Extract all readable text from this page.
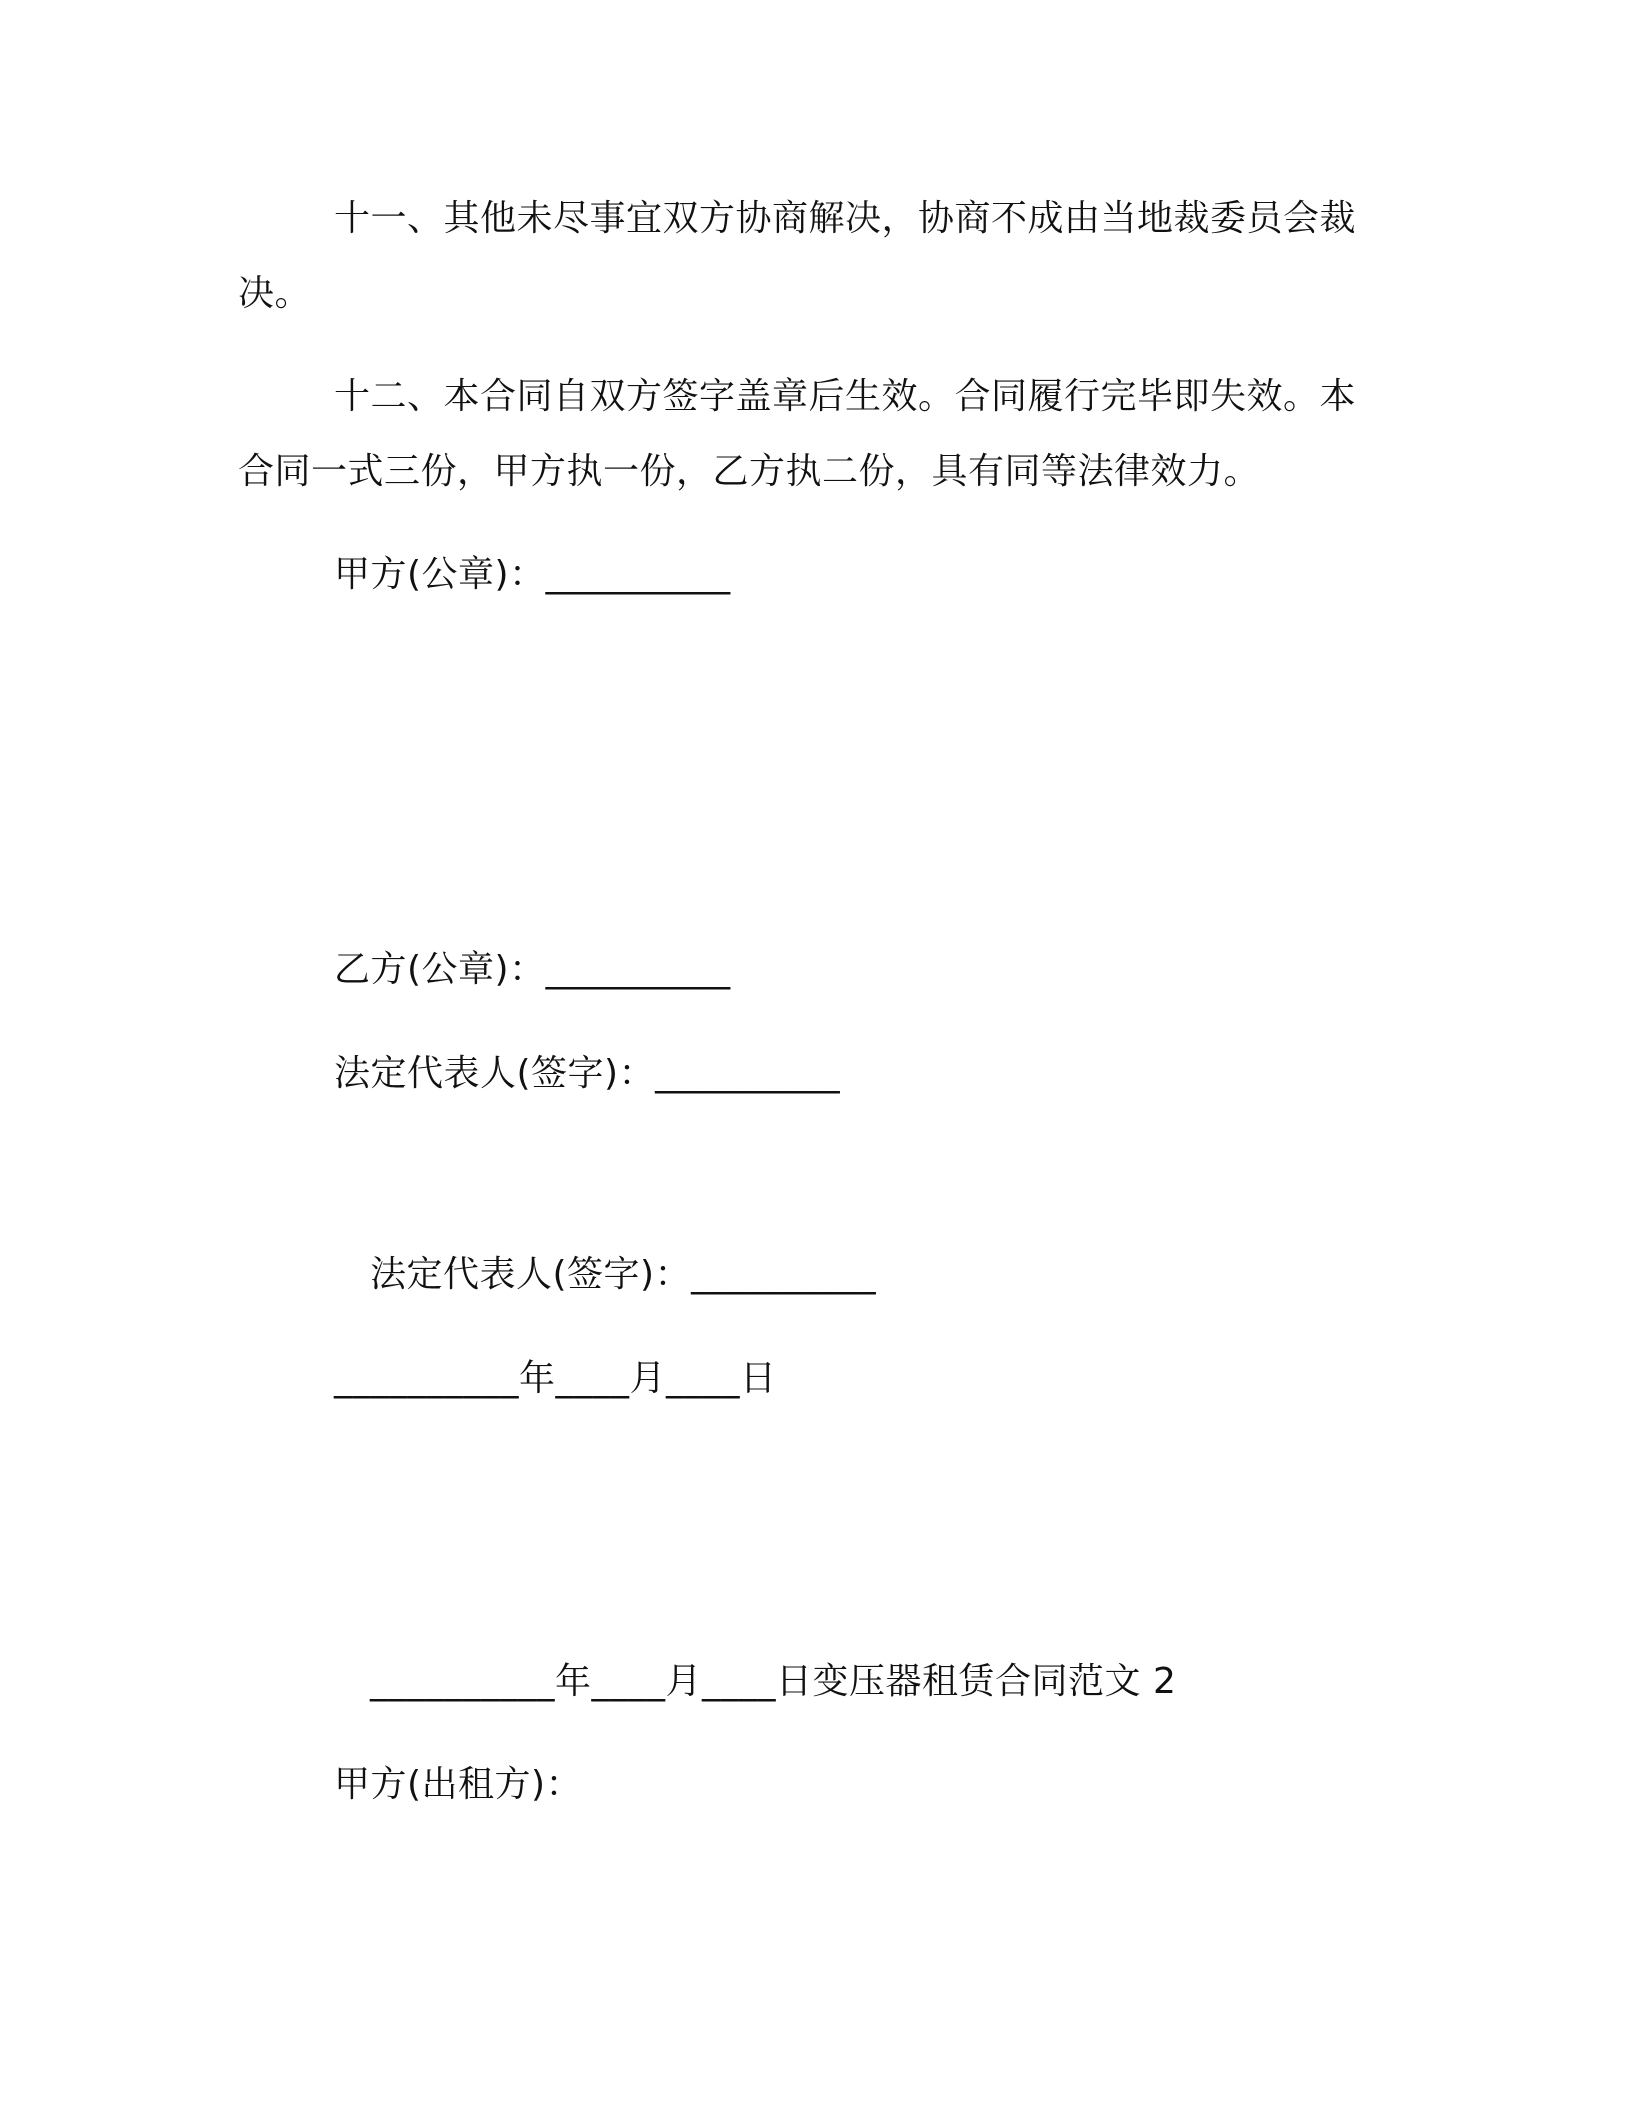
十一、其他未尽事宜双方协商解决，协商不成由当地裁委员会裁
决。
十二、本合同自双方签字盖章后生效。合同履行完毕即失效。本
合同一式三份，甲方执一份，乙方执二份，具有同等法律效力。
甲方(公章)：__________
乙方(公章)：__________
法定代表人(签字)：__________
法定代表人(签字)：__________
__________年____月____日
__________年____月____日变压器租赁合同范文 2
甲方(出租方)：
